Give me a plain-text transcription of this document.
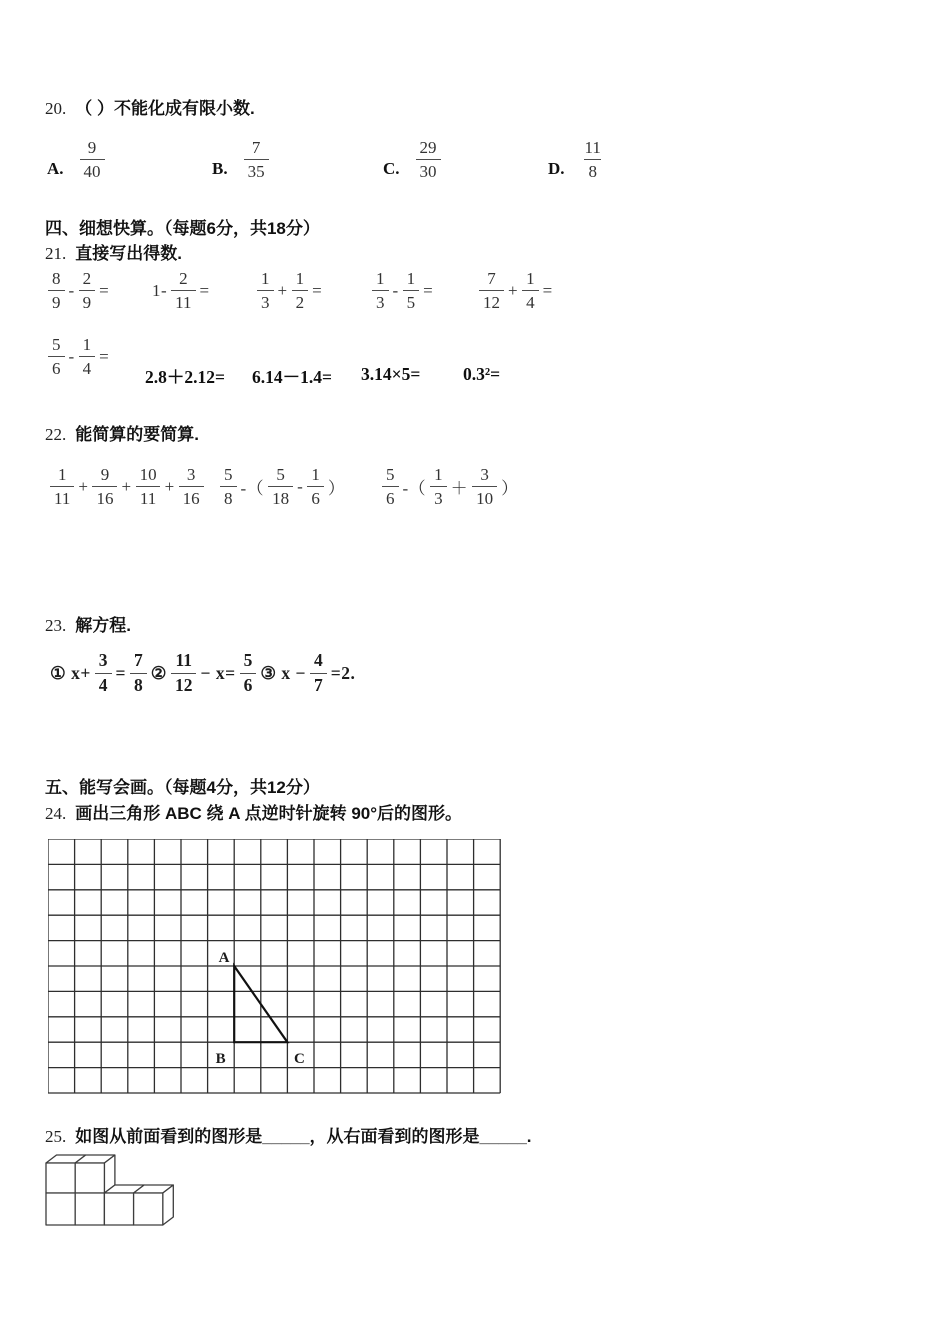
20. （ ）不能化成有限小数.
A. $\frac{9}{40}$	B. $\frac{7}{35}$	C. $\frac{29}{30}$	D. $\frac{11}{8}$
四、细想快算。（每题6分，共18分）
21. 直接写出得数.
$\frac{8}{9} - \frac{2}{9}$ =	$1- \frac{2}{11}$ =	$\frac{1}{3} + \frac{1}{2}$ =	$\frac{1}{3} - \frac{1}{5}$ =	$\frac{7}{12} + \frac{1}{4}$ =
$\frac{5}{6} - \frac{1}{4}$ =
2.8＋2.12= 6.14－1.4= 3.14×5= 0.3²=
22. 能简算的要简算.
$\frac{1}{11} + \frac{9}{16} + \frac{10}{11} + \frac{3}{16} \frac{5}{8}$ -（ $\frac{5}{18} - \frac{1}{6}$ ） $\frac{5}{6}$ -（ $\frac{1}{3} + \frac{3}{10}$ ）
23. 解方程.
① $x+ \frac{3}{4} = \frac{7}{8}$ ② $\frac{11}{12} - x= \frac{5}{6}$ ③ $x - \frac{4}{7} =2$.
五、能写会画。（每题4分，共12分）
24. 画出三角形 ABC 绕 A 点逆时针旋转 90°后的图形。
A
B	C
25. 如图从前面看到的图形是_____，从右面看到的图形是_____.
